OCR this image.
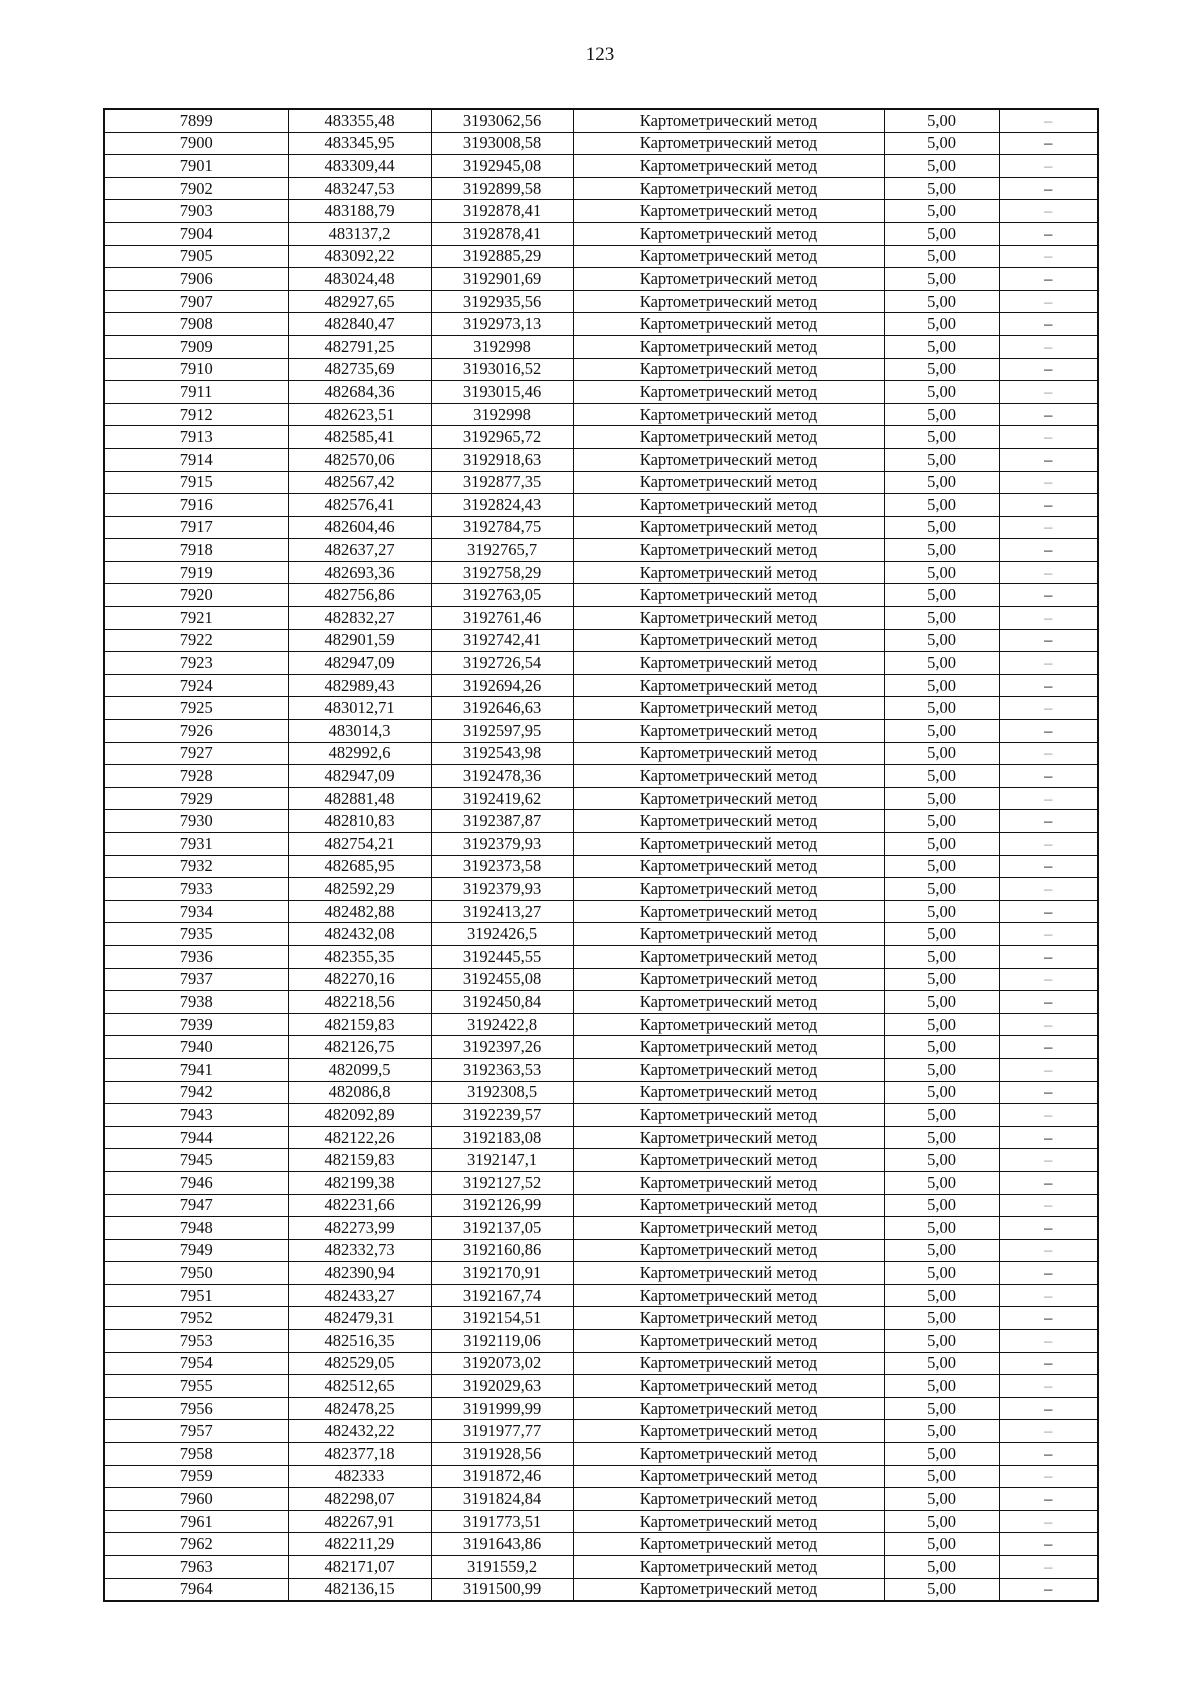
123
7899	483355,48	3193062,56	Картометрический метод	5,00	–
7900	483345,95	3193008,58	Картометрический метод	5,00	–
7901	483309,44	3192945,08	Картометрический метод	5,00	–
7902	483247,53	3192899,58	Картометрический метод	5,00	–
7903	483188,79	3192878,41	Картометрический метод	5,00	–
7904	483137,2	3192878,41	Картометрический метод	5,00	–
7905	483092,22	3192885,29	Картометрический метод	5,00	–
7906	483024,48	3192901,69	Картометрический метод	5,00	–
7907	482927,65	3192935,56	Картометрический метод	5,00	–
7908	482840,47	3192973,13	Картометрический метод	5,00	–
7909	482791,25	3192998	Картометрический метод	5,00	–
7910	482735,69	3193016,52	Картометрический метод	5,00	–
7911	482684,36	3193015,46	Картометрический метод	5,00	–
7912	482623,51	3192998	Картометрический метод	5,00	–
7913	482585,41	3192965,72	Картометрический метод	5,00	–
7914	482570,06	3192918,63	Картометрический метод	5,00	–
7915	482567,42	3192877,35	Картометрический метод	5,00	–
7916	482576,41	3192824,43	Картометрический метод	5,00	–
7917	482604,46	3192784,75	Картометрический метод	5,00	–
7918	482637,27	3192765,7	Картометрический метод	5,00	–
7919	482693,36	3192758,29	Картометрический метод	5,00	–
7920	482756,86	3192763,05	Картометрический метод	5,00	–
7921	482832,27	3192761,46	Картометрический метод	5,00	–
7922	482901,59	3192742,41	Картометрический метод	5,00	–
7923	482947,09	3192726,54	Картометрический метод	5,00	–
7924	482989,43	3192694,26	Картометрический метод	5,00	–
7925	483012,71	3192646,63	Картометрический метод	5,00	–
7926	483014,3	3192597,95	Картометрический метод	5,00	–
7927	482992,6	3192543,98	Картометрический метод	5,00	–
7928	482947,09	3192478,36	Картометрический метод	5,00	–
7929	482881,48	3192419,62	Картометрический метод	5,00	–
7930	482810,83	3192387,87	Картометрический метод	5,00	–
7931	482754,21	3192379,93	Картометрический метод	5,00	–
7932	482685,95	3192373,58	Картометрический метод	5,00	–
7933	482592,29	3192379,93	Картометрический метод	5,00	–
7934	482482,88	3192413,27	Картометрический метод	5,00	–
7935	482432,08	3192426,5	Картометрический метод	5,00	–
7936	482355,35	3192445,55	Картометрический метод	5,00	–
7937	482270,16	3192455,08	Картометрический метод	5,00	–
7938	482218,56	3192450,84	Картометрический метод	5,00	–
7939	482159,83	3192422,8	Картометрический метод	5,00	–
7940	482126,75	3192397,26	Картометрический метод	5,00	–
7941	482099,5	3192363,53	Картометрический метод	5,00	–
7942	482086,8	3192308,5	Картометрический метод	5,00	–
7943	482092,89	3192239,57	Картометрический метод	5,00	–
7944	482122,26	3192183,08	Картометрический метод	5,00	–
7945	482159,83	3192147,1	Картометрический метод	5,00	–
7946	482199,38	3192127,52	Картометрический метод	5,00	–
7947	482231,66	3192126,99	Картометрический метод	5,00	–
7948	482273,99	3192137,05	Картометрический метод	5,00	–
7949	482332,73	3192160,86	Картометрический метод	5,00	–
7950	482390,94	3192170,91	Картометрический метод	5,00	–
7951	482433,27	3192167,74	Картометрический метод	5,00	–
7952	482479,31	3192154,51	Картометрический метод	5,00	–
7953	482516,35	3192119,06	Картометрический метод	5,00	–
7954	482529,05	3192073,02	Картометрический метод	5,00	–
7955	482512,65	3192029,63	Картометрический метод	5,00	–
7956	482478,25	3191999,99	Картометрический метод	5,00	–
7957	482432,22	3191977,77	Картометрический метод	5,00	–
7958	482377,18	3191928,56	Картометрический метод	5,00	–
7959	482333	3191872,46	Картометрический метод	5,00	–
7960	482298,07	3191824,84	Картометрический метод	5,00	–
7961	482267,91	3191773,51	Картометрический метод	5,00	–
7962	482211,29	3191643,86	Картометрический метод	5,00	–
7963	482171,07	3191559,2	Картометрический метод	5,00	–
7964	482136,15	3191500,99	Картометрический метод	5,00	–
